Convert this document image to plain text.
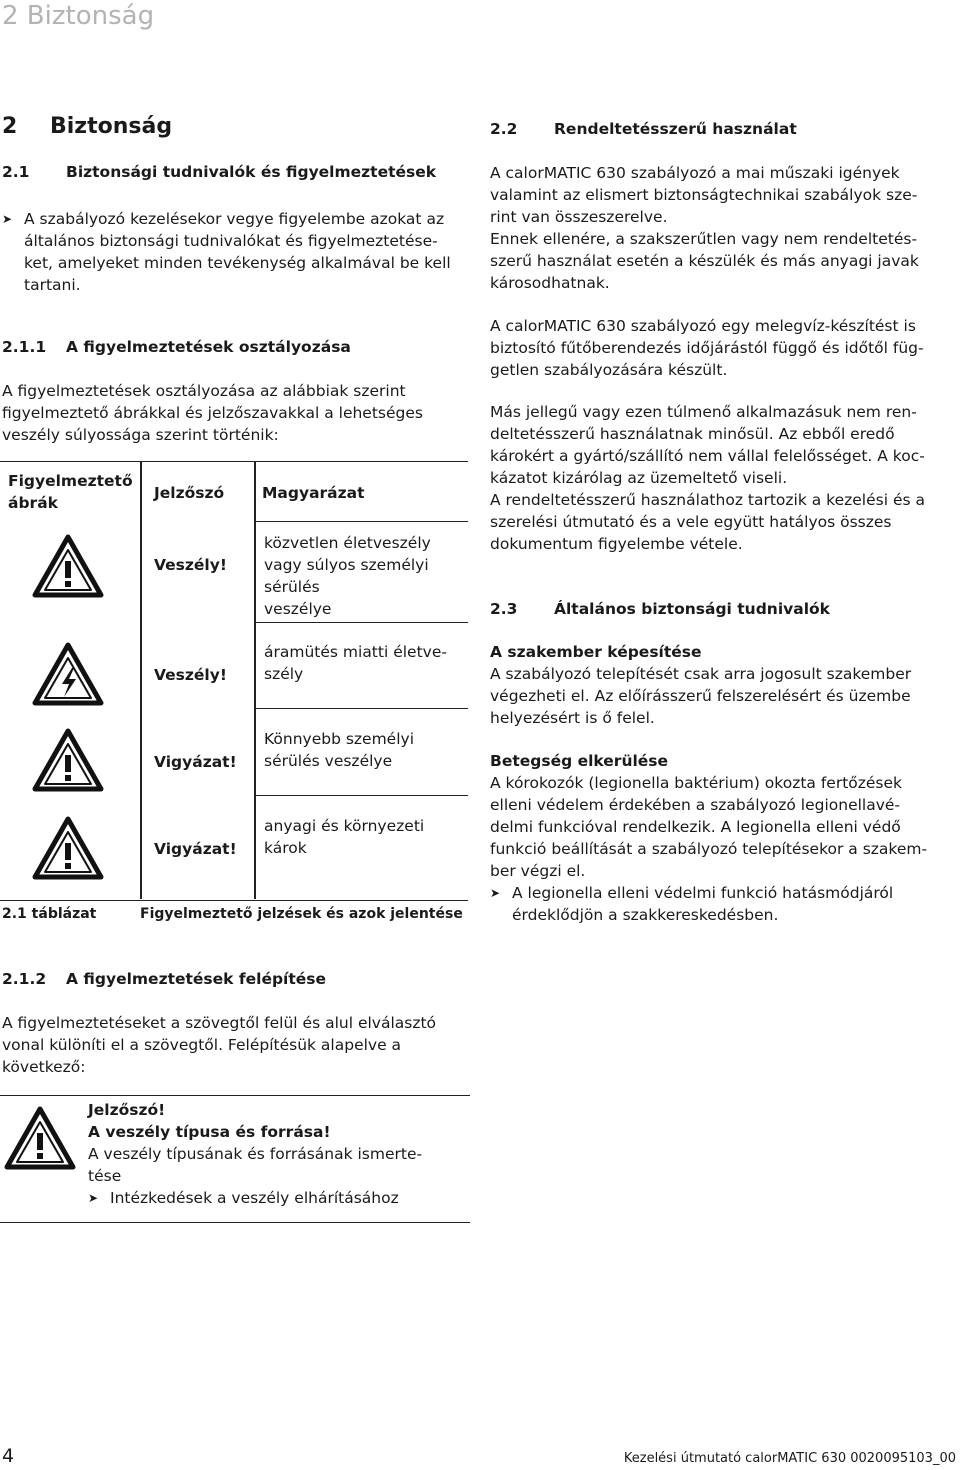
2 Biztonság
2 Biztonság
2.1 Biztonsági tudnivalók és figyelmeztetések
➤ A szabályozó kezelésekor vegye figyelembe azokat az
általános biztonsági tudnivalókat és figyelmeztetése-
ket, amelyeket minden tevékenység alkalmával be kell
tartani.
2.1.1 A figyelmeztetések osztályozása
A figyelmeztetések osztályozása az alábbiak szerint
figyelmeztető ábrákkal és jelzőszavakkal a lehetséges
veszély súlyossága szerint történik:
Figyelmeztető
ábrák
Jelzőszó Magyarázat
Veszély!
közvetlen életveszély
vagy súlyos személyi
sérülés
veszélye
Veszély!
áramütés miatti életve-
szély
Vigyázat!
Könnyebb személyi
sérülés veszélye
Vigyázat!
anyagi és környezeti
károk
2.1 táblázat	Figyelmeztető jelzések és azok jelentése
2.1.2 A figyelmeztetések felépítése
A figyelmeztetéseket a szövegtől felül és alul elválasztó
vonal különíti el a szövegtől. Felépítésük alapelve a
következő:
Jelzőszó!
A veszély típusa és forrása!
A veszély típusának és forrásának ismerte-
tése
➤ Intézkedések a veszély elhárításához
2.2 Rendeltetésszerű használat
A calorMATIC 630 szabályozó a mai műszaki igények
valamint az elismert biztonságtechnikai szabályok sze-
rint van összeszerelve.
Ennek ellenére, a szakszerűtlen vagy nem rendeltetés-
szerű használat esetén a készülék és más anyagi javak
károsodhatnak.
A calorMATIC 630 szabályozó egy melegvíz-készítést is
biztosító fűtőberendezés időjárástól függő és időtől füg-
getlen szabályozására készült.
Más jellegű vagy ezen túlmenő alkalmazásuk nem ren-
deltetésszerű használatnak minősül. Az ebből eredő
károkért a gyártó/szállító nem vállal felelősséget. A koc-
kázatot kizárólag az üzemeltető viseli.
A rendeltetésszerű használathoz tartozik a kezelési és a
szerelési útmutató és a vele együtt hatályos összes
dokumentum figyelembe vétele.
2.3 Általános biztonsági tudnivalók
A szakember képesítése
A szabályozó telepítését csak arra jogosult szakember
végezheti el. Az előírásszerű felszerelésért és üzembe
helyezésért is ő felel.
Betegség elkerülése
A kórokozók (legionella baktérium) okozta fertőzések
elleni védelem érdekében a szabályozó legionellavé-
delmi funkcióval rendelkezik. A legionella elleni védő
funkció beállítását a szabályozó telepítésekor a szakem-
ber végzi el.
➤ A legionella elleni védelmi funkció hatásmódjáról
érdeklődjön a szakkereskedésben.
4	Kezelési útmutató calorMATIC 630 0020095103_00
